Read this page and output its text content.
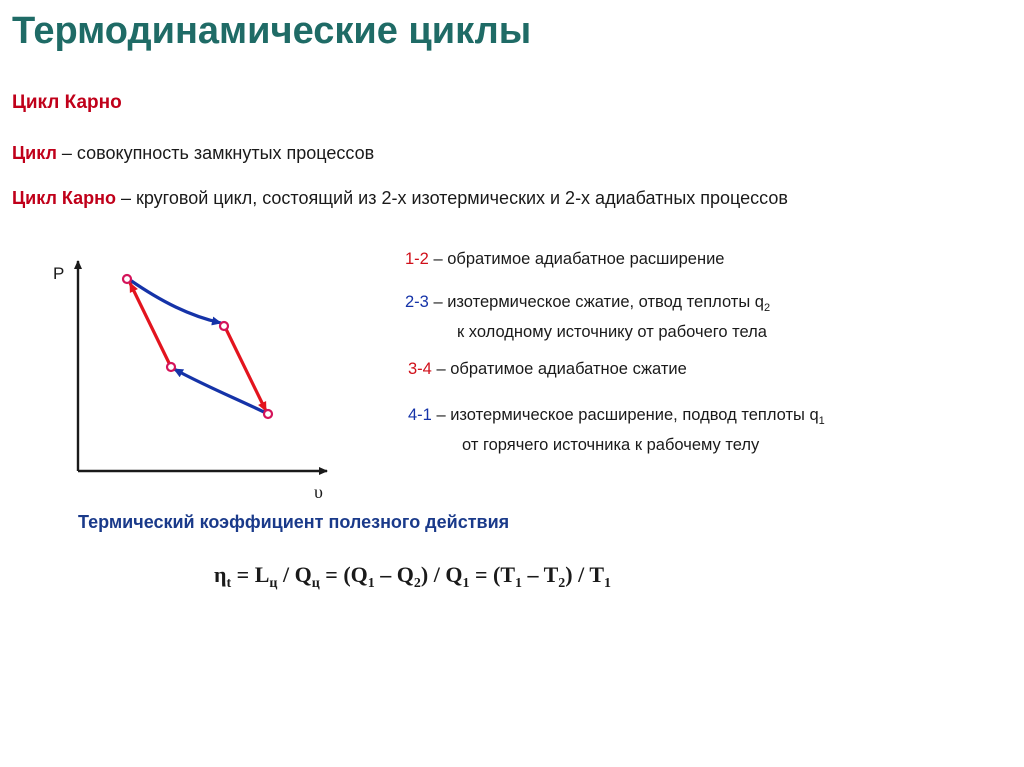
Термодинамические циклы
Цикл Карно
Цикл – совокупность замкнутых процессов
Цикл Карно – круговой цикл, состоящий из 2-х изотермических и 2-х адиабатных процессов
P
υ
1-2 – обратимое адиабатное расширение
2-3 – изотермическое сжатие, отвод теплоты $q_2$
к холодному источнику от рабочего тела
3-4 – обратимое адиабатное сжатие
4-1 – изотермическое расширение, подвод теплоты $q_1$
от горячего источника к рабочему телу
Термический коэффициент полезного действия
$\eta_t = L_ц / Q_ц = (Q_1 - Q_2) / Q_1 = (T_1 - T_2) / T_1$
